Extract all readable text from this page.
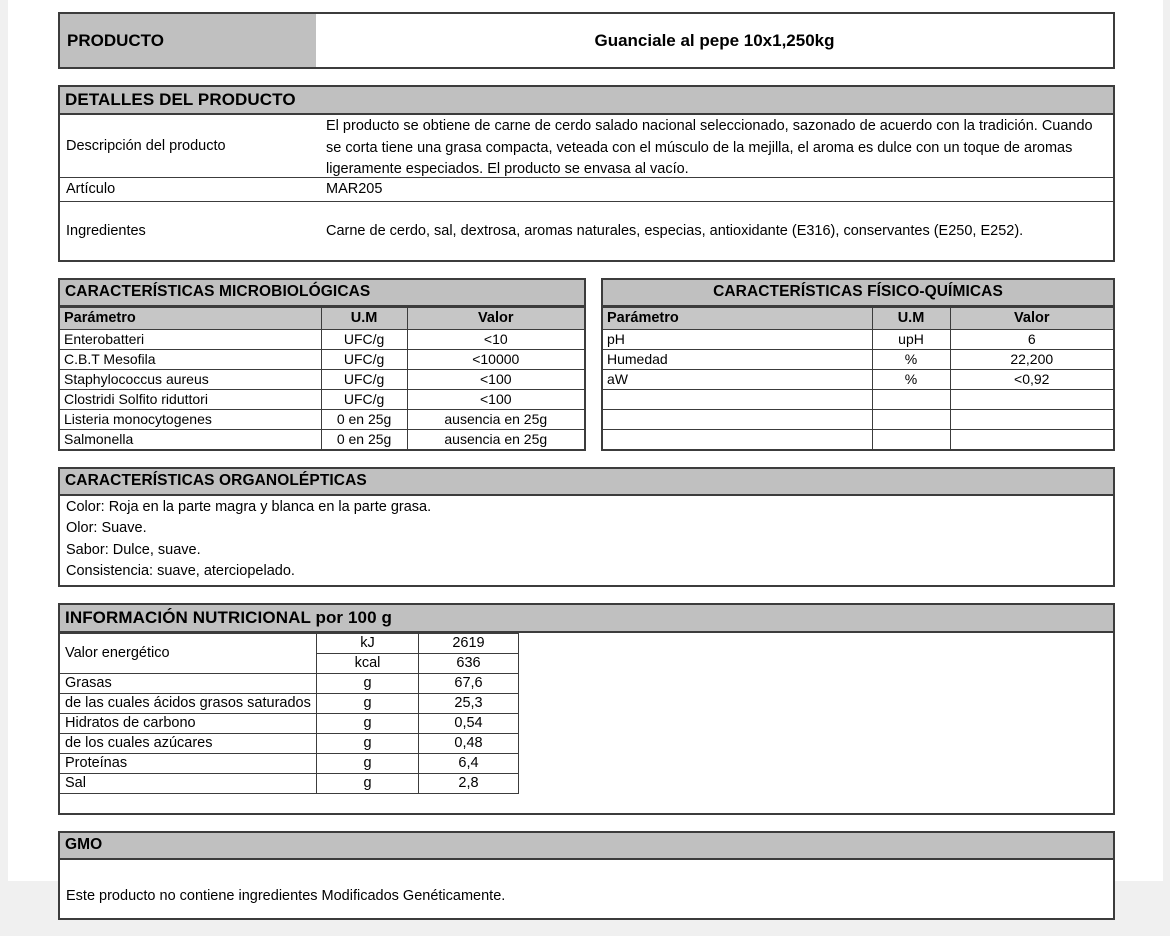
PRODUCTO	Guanciale al pepe 10x1,250kg
DETALLES DEL PRODUCTO
Descripción del producto	El producto se obtiene de carne de cerdo salado nacional seleccionado, sazonado de acuerdo con la tradición. Cuando se corta tiene una grasa compacta, veteada con el músculo de la mejilla, el aroma es dulce con un toque de aromas ligeramente especiados. El producto se envasa al vacío.

Artículo	MAR205
Ingredientes	Carne de cerdo, sal, dextrosa, aromas naturales, especias, antioxidante (E316), conservantes (E250, E252).
CARACTERÍSTICAS MICROBIOLÓGICAS
Parámetro	U.M	Valor
Enterobatteri	UFC/g	<10
C.B.T Mesofila	UFC/g	<10000
Staphylococcus aureus	UFC/g	<100
Clostridi Solfito riduttori	UFC/g	<100
Listeria monocytogenes	0 en 25g	ausencia en 25g
Salmonella	0 en 25g	ausencia en 25g
CARACTERÍSTICAS FÍSICO-QUÍMICAS
Parámetro	U.M	Valor
pH	upH	6
Humedad	%	22,200
aW	%	<0,92

CARACTERÍSTICAS ORGANOLÉPTICAS
Color: Roja en la parte magra y blanca en la parte grasa.
Olor: Suave.
Sabor: Dulce, suave.
Consistencia: suave, aterciopelado.
INFORMACIÓN NUTRICIONAL por 100 g
Valor energético	kJ	2619
	kcal	636
Grasas	g	67,6
de las cuales ácidos grasos saturados	g	25,3
Hidratos de carbono	g	0,54
de los cuales azúcares	g	0,48
Proteínas	g	6,4
Sal	g	2,8

GMO
Este producto no contiene ingredientes Modificados Genéticamente.
